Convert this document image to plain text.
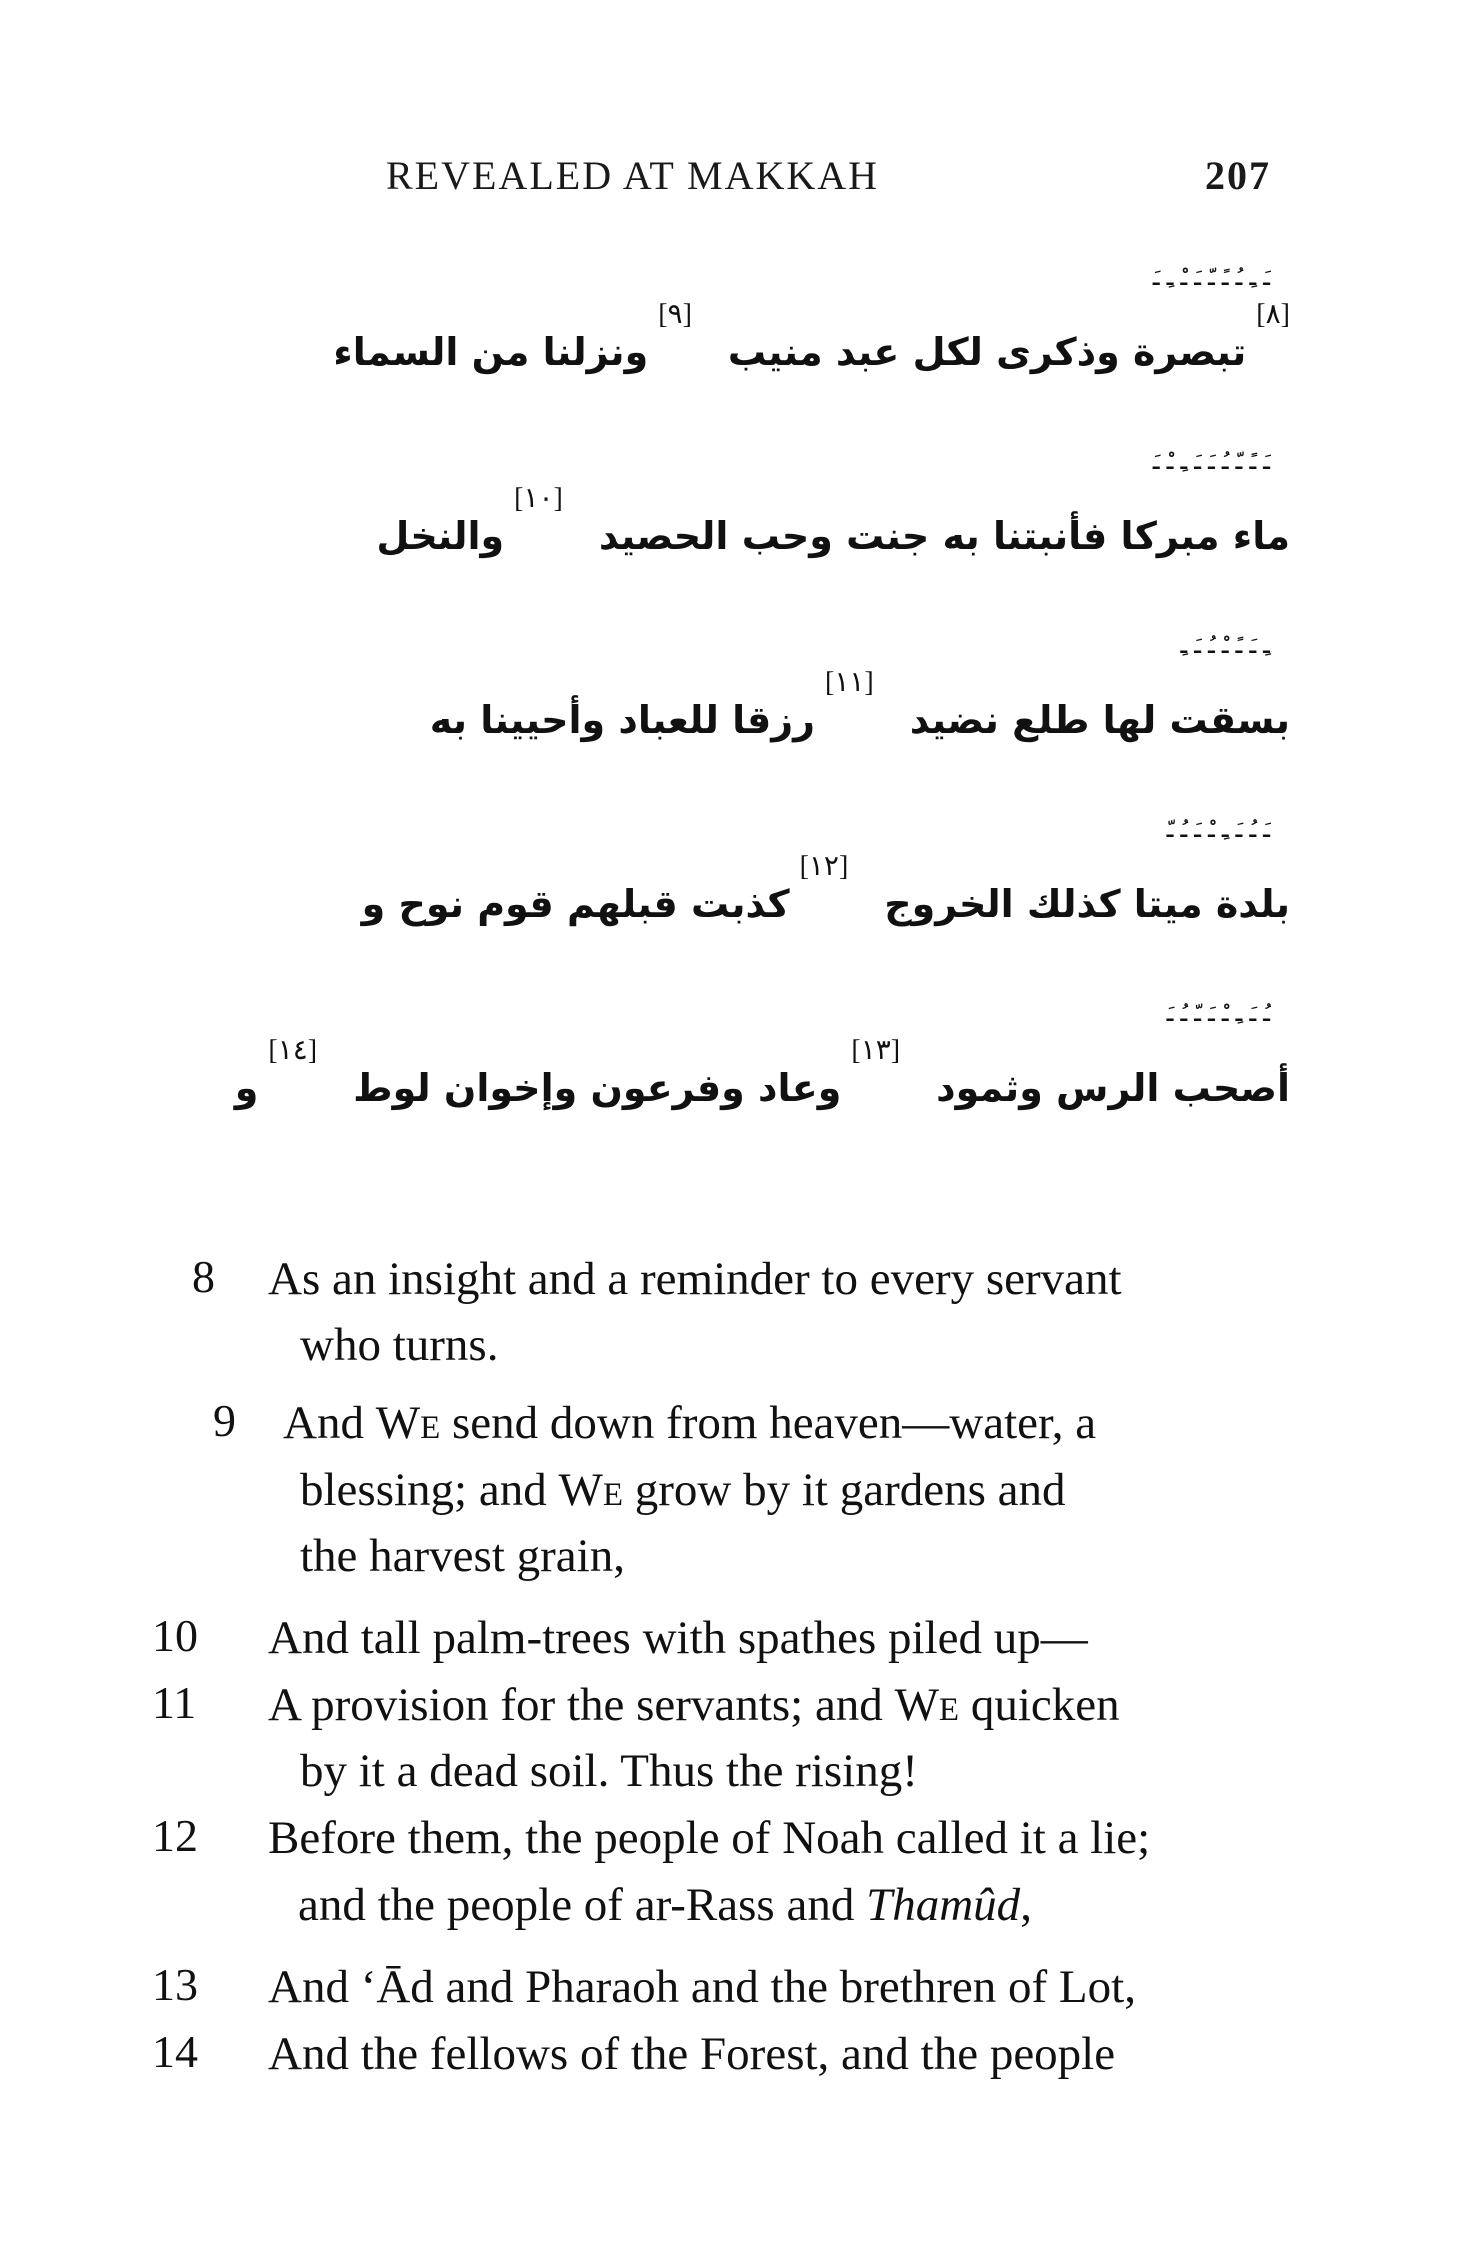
REVEALED AT MAKKAH	207
ـَ ـِ ـُ ـً ـّ ـَ ـْ ـِ ـَ
[٨]
تبصرة وذكرى لكل عبد منيب
[٩]
ونزلنا من السماء
ـَ ـً ـّ ـُ ـَ ـَ ـِ ـْ ـَ
ماء مبركا فأنبتنا به جنت وحب الحصيد
[١٠]
والنخل
ـِ ـَ ـً ـْ ـُ ـَ ـِ
بسقت لها طلع نضيد
[١١]
رزقا للعباد وأحيينا به
ـَ ـُ ـَ ـِ ـْ ـَ ـُ ـّ
بلدة ميتا كذلك الخروج
[١٢]
كذبت قبلهم قوم نوح و
ـُ ـَ ـِ ـْ ـَ ـّ ـُ ـَ
أصحب الرس وثمود
[١٣]
وعاد وفرعون وإخوان لوط
[١٤]
و
8 As an insight and a reminder to every servant
who turns.
9 And We send down from heaven—water, a
blessing; and We grow by it gardens and
the harvest grain,
10 And tall palm-trees with spathes piled up—
11 A provision for the servants; and We quicken
by it a dead soil. Thus the rising!
12 Before them, the people of Noah called it a lie;
and the people of ar-Rass and Thamûd,
13 And ‘Ād and Pharaoh and the brethren of Lot,
14 And the fellows of the Forest, and the people
